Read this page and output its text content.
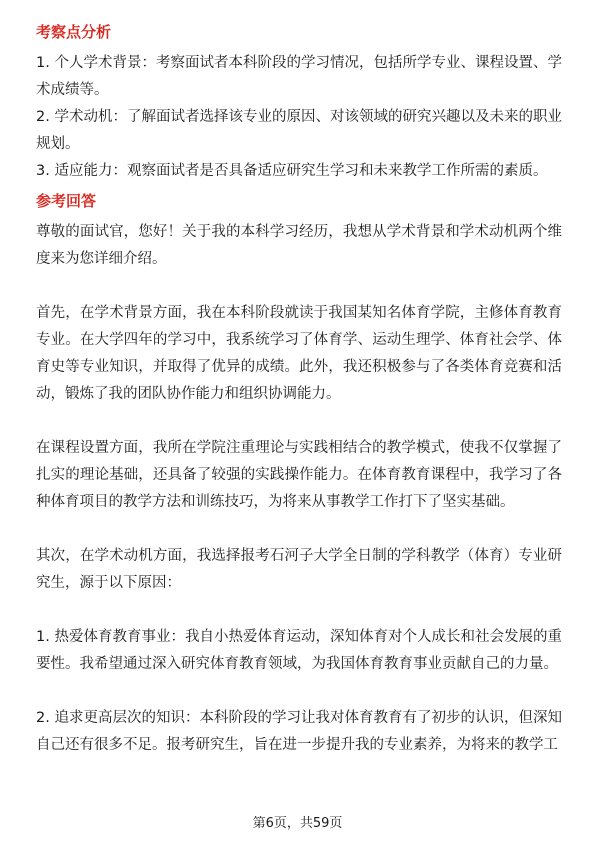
考察点分析

1. 个人学术背景：考察面试者本科阶段的学习情况，包括所学专业、课程设置、学术成绩等。

2. 学术动机：了解面试者选择该专业的原因、对该领域的研究兴趣以及未来的职业规划。

3. 适应能力：观察面试者是否具备适应研究生学习和未来教学工作所需的素质。

参考回答

尊敬的面试官，您好！关于我的本科学习经历，我想从学术背景和学术动机两个维度来为您详细介绍。

首先，在学术背景方面，我在本科阶段就读于我国某知名体育学院，主修体育教育专业。在大学四年的学习中，我系统学习了体育学、运动生理学、体育社会学、体育史等专业知识，并取得了优异的成绩。此外，我还积极参与了各类体育竞赛和活动，锻炼了我的团队协作能力和组织协调能力。

在课程设置方面，我所在学院注重理论与实践相结合的教学模式，使我不仅掌握了扎实的理论基础，还具备了较强的实践操作能力。在体育教育课程中，我学习了各种体育项目的教学方法和训练技巧，为将来从事教学工作打下了坚实基础。

其次，在学术动机方面，我选择报考石河子大学全日制的学科教学（体育）专业研究生，源于以下原因：

1. 热爱体育教育事业：我自小热爱体育运动，深知体育对个人成长和社会发展的重要性。我希望通过深入研究体育教育领域，为我国体育教育事业贡献自己的力量。

2. 追求更高层次的知识：本科阶段的学习让我对体育教育有了初步的认识，但深知自己还有很多不足。报考研究生，旨在进一步提升我的专业素养，为将来的教学工

第6页，共59页
